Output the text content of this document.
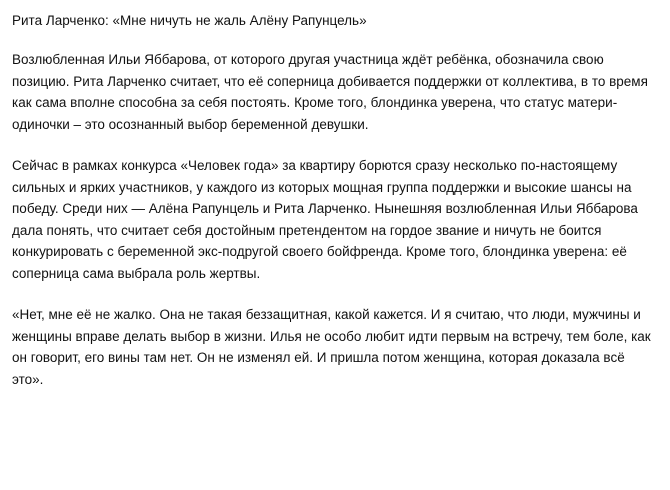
Рита Ларченко: «Мне ничуть не жаль Алёну Рапунцель»

Возлюбленная Ильи Яббарова, от которого другая участница ждёт ребёнка, обозначила свою позицию. Рита Ларченко считает, что её соперница добивается поддержки от коллектива, в то время как сама вполне способна за себя постоять. Кроме того, блондинка уверена, что статус матери-одиночки – это осознанный выбор беременной девушки.

Сейчас в рамках конкурса «Человек года» за квартиру борются сразу несколько по-настоящему сильных и ярких участников, у каждого из которых мощная группа поддержки и высокие шансы на победу. Среди них — Алёна Рапунцель и Рита Ларченко. Нынешняя возлюбленная Ильи Яббарова дала понять, что считает себя достойным претендентом на гордое звание и ничуть не боится конкурировать с беременной экс-подругой своего бойфренда. Кроме того, блондинка уверена: её соперница сама выбрала роль жертвы.

«Нет, мне её не жалко. Она не такая беззащитная, какой кажется. И я считаю, что люди, мужчины и женщины вправе делать выбор в жизни. Илья не особо любит идти первым на встречу, тем боле, как он говорит, его вины там нет. Он не изменял ей. И пришла потом женщина, которая доказала всё это».
